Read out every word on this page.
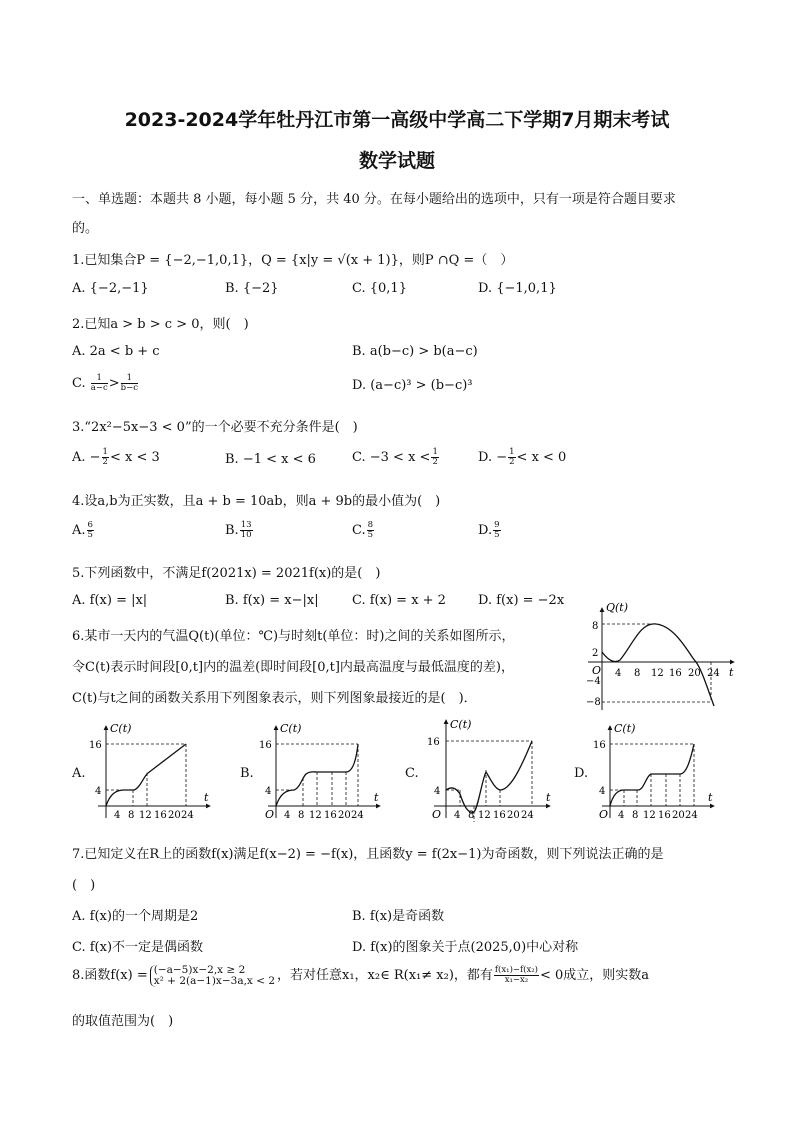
2023-2024学年牡丹江市第一高级中学高二下学期7月期末考试
数学试题
一、单选题：本题共 8 小题，每小题 5 分，共 40 分。在每小题给出的选项中，只有一项是符合题目要求
的。
1.已知集合P = {−2,−1,0,1}，Q = {x|y = √(x + 1)}，则P ∩Q =（　）
A. {−2,−1}	B. {−2}	C. {0,1}	D. {−1,0,1}
2.已知a > b > c > 0，则(　)
A. 2a < b + c	B. a(b−c) > b(a−c)
C. $\frac{1}{a-c} > \frac{1}{b-c}$	D. (a−c)³ > (b−c)³
3.“2x²−5x−3 < 0”的一个必要不充分条件是(　)
A. − $\frac{1}{2} < x < 3$	B. −1 < x < 6	C. $-3 < x < \frac{1}{2}$	D. − $\frac{1}{2} < x < 0$
4.设a,b为正实数，且a + b = 10ab，则a + 9b的最小值为(　)
A. $\frac{6}{5}$	B. $\frac{13}{10}$	C. $\frac{8}{5}$	D. $\frac{9}{5}$
5.下列函数中，不满足f(2021x) = 2021f(x)的是(　)
A. f(x) = |x|	B. f(x) = x−|x|	C. f(x) = x + 2 D. f(x) = −2x
6.某市一天内的气温Q(t)(单位：℃)与时刻t(单位：时)之间的关系如图所示，
令C(t)表示时间段[0,t]内的温差(即时间段[0,t]内最高温度与最低温度的差)，
C(t)与t之间的函数关系用下列图象表示，则下列图象最接近的是(　)．
Q(t)
t
O
8
2
−4
−8
4 8 12 16 20 24
A.
C(t)
t
16
4
4 8 12 16 20 24
B.
C(t)
t
O
16
4
4 8 12 16 20 24
C.
C(t)
t
O
16
4
4 8 12 16 20 24
D.
C(t)
t
O
16
4
4 8 12 16 20 24
7.已知定义在R上的函数f(x)满足f(x−2) = −f(x)，且函数y = f(2x−1)为奇函数，则下列说法正确的是
(　)
A. f(x)的一个周期是2	B. f(x)是奇函数
C. f(x)不一定是偶函数	D. f(x)的图象关于点(2025,0)中心对称
8.函数f(x) = (−a−5)x−2,x ≥ 2
x² + 2(a−1)x−3a,x < 2 ，若对任意x₁，x₂∈ R(x₁≠ x₂)，都有 $\frac{\text{f(x₁)−f(x₂)}}{\text{x₁−x₂}} < 0$成立，则实数a
的取值范围为(　)
